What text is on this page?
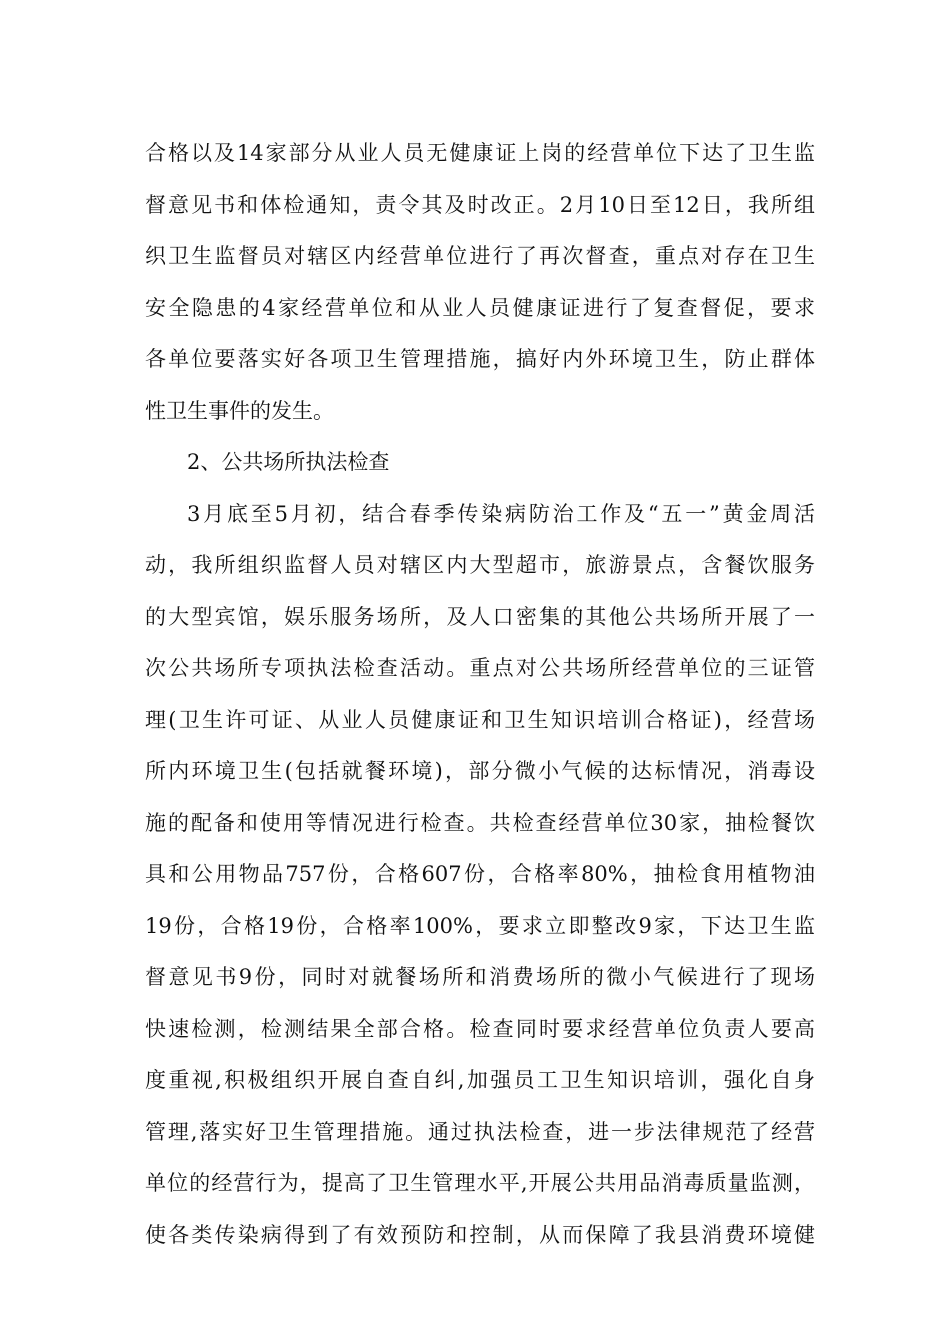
合格以及14家部分从业人员无健康证上岗的经营单位下达了卫生监
督意见书和体检通知，责令其及时改正。2月10日至12日，我所组
织卫生监督员对辖区内经营单位进行了再次督查，重点对存在卫生
安全隐患的4家经营单位和从业人员健康证进行了复查督促，要求
各单位要落实好各项卫生管理措施，搞好内外环境卫生，防止群体
性卫生事件的发生。
2、公共场所执法检查
3月底至5月初，结合春季传染病防治工作及“五一”黄金周活
动，我所组织监督人员对辖区内大型超市，旅游景点，含餐饮服务
的大型宾馆，娱乐服务场所，及人口密集的其他公共场所开展了一
次公共场所专项执法检查活动。重点对公共场所经营单位的三证管
理(卫生许可证、从业人员健康证和卫生知识培训合格证)，经营场
所内环境卫生(包括就餐环境)，部分微小气候的达标情况，消毒设
施的配备和使用等情况进行检查。共检查经营单位30家，抽检餐饮
具和公用物品757份，合格607份，合格率80%，抽检食用植物油
19份，合格19份，合格率100%，要求立即整改9家，下达卫生监
督意见书9份，同时对就餐场所和消费场所的微小气候进行了现场
快速检测，检测结果全部合格。检查同时要求经营单位负责人要高
度重视,积极组织开展自查自纠,加强员工卫生知识培训，强化自身
管理,落实好卫生管理措施。通过执法检查，进一步法律规范了经营
单位的经营行为，提高了卫生管理水平,开展公共用品消毒质量监测，
使各类传染病得到了有效预防和控制，从而保障了我县消费环境健
